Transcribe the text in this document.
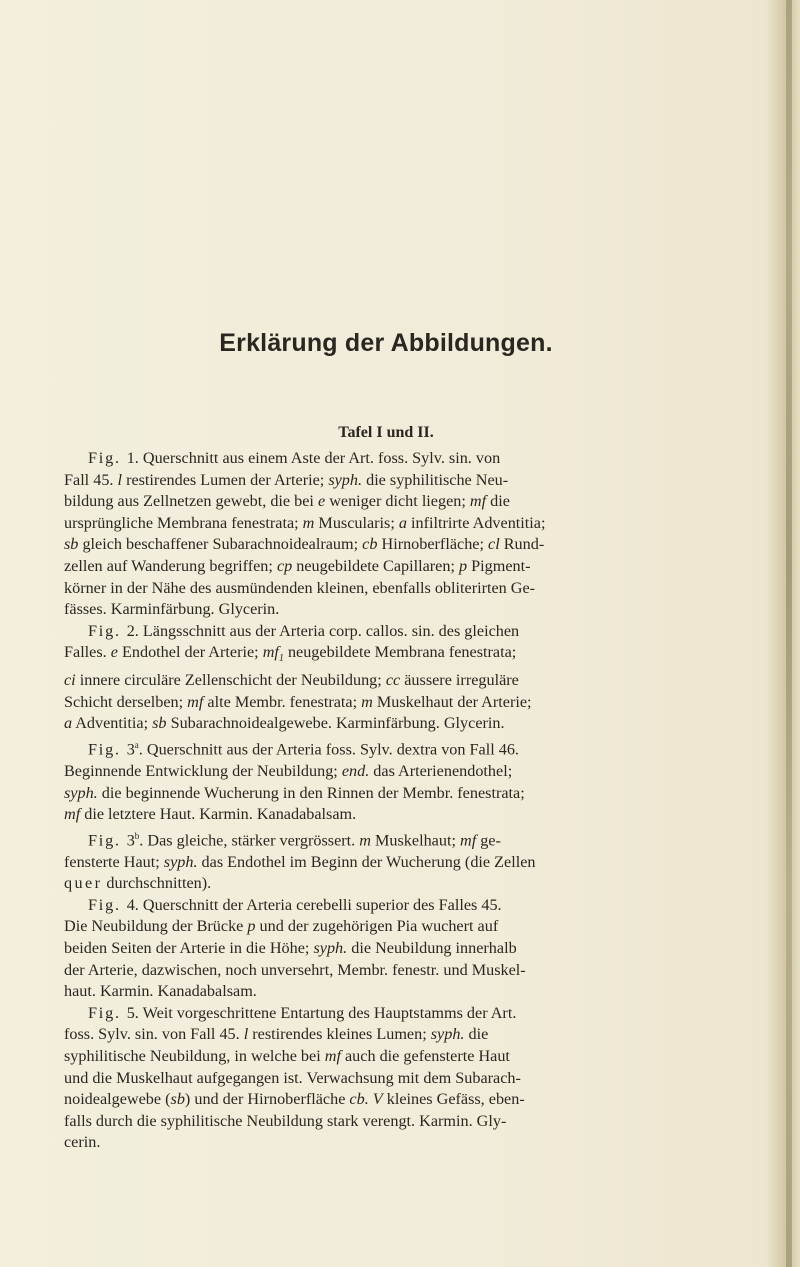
Erklärung der Abbildungen.
Tafel I und II.
Fig. 1. Querschnitt aus einem Aste der Art. foss. Sylv. sin. von
Fall 45. l restirendes Lumen der Arterie; syph. die syphilitische Neu-
bildung aus Zellnetzen gewebt, die bei e weniger dicht liegen; mf die
ursprüngliche Membrana fenestrata; m Muscularis; a infiltrirte Adventitia;
sb gleich beschaffener Subarachnoidealraum; cb Hirnoberfläche; cl Rund-
zellen auf Wanderung begriffen; cp neugebildete Capillaren; p Pigment-
körner in der Nähe des ausmündenden kleinen, ebenfalls obliterirten Ge-
fässes. Karminfärbung. Glycerin.
Fig. 2. Längsschnitt aus der Arteria corp. callos. sin. des gleichen
Falles. e Endothel der Arterie; $mf_1$ neugebildete Membrana fenestrata;
ci innere circuläre Zellenschicht der Neubildung; cc äussere irreguläre
Schicht derselben; mf alte Membr. fenestrata; m Muskelhaut der Arterie;
a Adventitia; sb Subarachnoidealgewebe. Karminfärbung. Glycerin.
Fig. 3$^a$. Querschnitt aus der Arteria foss. Sylv. dextra von Fall 46.
Beginnende Entwicklung der Neubildung; end. das Arterienendothel;
syph. die beginnende Wucherung in den Rinnen der Membr. fenestrata;
mf die letztere Haut. Karmin. Kanadabalsam.
Fig. 3$^b$. Das gleiche, stärker vergrössert. m Muskelhaut; mf ge-
fensterte Haut; syph. das Endothel im Beginn der Wucherung (die Zellen
quer durchschnitten).
Fig. 4. Querschnitt der Arteria cerebelli superior des Falles 45.
Die Neubildung der Brücke p und der zugehörigen Pia wuchert auf
beiden Seiten der Arterie in die Höhe; syph. die Neubildung innerhalb
der Arterie, dazwischen, noch unversehrt, Membr. fenestr. und Muskel-
haut. Karmin. Kanadabalsam.
Fig. 5. Weit vorgeschrittene Entartung des Hauptstamms der Art.
foss. Sylv. sin. von Fall 45. l restirendes kleines Lumen; syph. die
syphilitische Neubildung, in welche bei mf auch die gefensterte Haut
und die Muskelhaut aufgegangen ist. Verwachsung mit dem Subarach-
noidealgewebe (sb) und der Hirnoberfläche cb. V kleines Gefäss, eben-
falls durch die syphilitische Neubildung stark verengt. Karmin. Gly-
cerin.
